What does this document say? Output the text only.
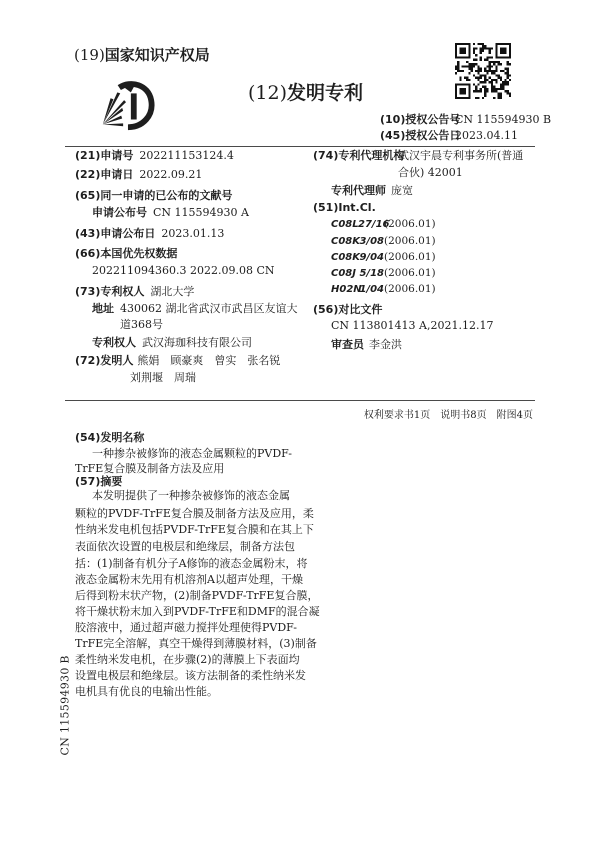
(19)国家知识产权局
(12)发明专利
(10)授权公告号CN 115594930 B
(45)授权公告日2023.04.11
(21)申请号 202211153124.4
(22)申请日 2022.09.21
(65)同一申请的已公布的文献号
申请公布号 CN 115594930 A
(43)申请公布日 2023.01.13
(66)本国优先权数据
202211094360.3 2022.09.08 CN
(73)专利权人 湖北大学
地址 430062 湖北省武汉市武昌区友谊大
道368号
专利权人 武汉海珈科技有限公司
(72)发明人 熊娟 顾豪爽 曾实 张名锐
刘荆堰 周瑞
(74)专利代理机构
武汉宇晨专利事务所(普通
合伙) 42001
专利代理师 庞宽
(51)Int.Cl.
C08L27/16(2006.01)
C08K3/08(2006.01)
C08K9/04(2006.01)
C08J 5/18(2006.01)
H02N1/04(2006.01)
(56)对比文件
CN 113801413 A,2021.12.17
审查员 李金洪
权利要求书1页 说明书8页 附图4页
(54)发明名称
一种掺杂被修饰的液态金属颗粒的PVDF-
TrFE复合膜及制备方法及应用
(57)摘要
本发明提供了一种掺杂被修饰的液态金属
颗粒的PVDF-TrFE复合膜及制备方法及应用，柔
性纳米发电机包括PVDF-TrFE复合膜和在其上下
表面依次设置的电极层和绝缘层，制备方法包
括：(1)制备有机分子A修饰的液态金属粉末，将
液态金属粉末先用有机溶剂A以超声处理，干燥
后得到粉末状产物，(2)制备PVDF-TrFE复合膜，
将干燥状粉末加入到PVDF-TrFE和DMF的混合凝
胶溶液中，通过超声磁力搅拌处理使得PVDF-
TrFE完全溶解，真空干燥得到薄膜材料，(3)制备
柔性纳米发电机，在步骤(2)的薄膜上下表面均
设置电极层和绝缘层。该方法制备的柔性纳米发
电机具有优良的电输出性能。
CN 115594930 B
